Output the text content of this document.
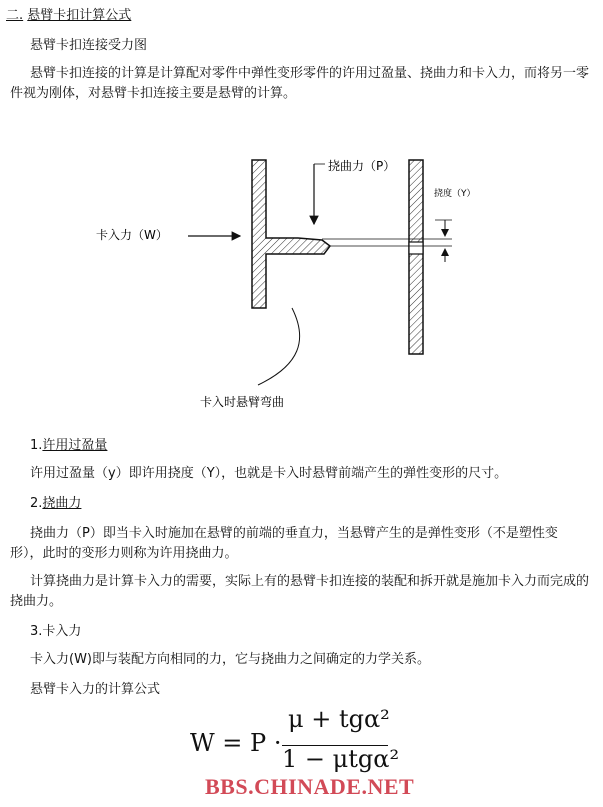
二. 悬臂卡扣计算公式
悬臂卡扣连接受力图
悬臂卡扣连接的计算是计算配对零件中弹性变形零件的许用过盈量、挠曲力和卡入力，而将另一零件视为刚体，对悬臂卡扣连接主要是悬臂的计算。
挠曲力（P）
挠度（Y）
卡入力（W）
卡入时悬臂弯曲
1.许用过盈量
许用过盈量（y）即许用挠度（Y），也就是卡入时悬臂前端产生的弹性变形的尺寸。
2.挠曲力
挠曲力（P）即当卡入时施加在悬臂的前端的垂直力，当悬臂产生的是弹性变形（不是塑性变形），此时的变形力则称为许用挠曲力。
计算挠曲力是计算卡入力的需要，实际上有的悬臂卡扣连接的装配和拆开就是施加卡入力而完成的挠曲力。
3.卡入力
卡入力(W)即与装配方向相同的力，它与挠曲力之间确定的力学关系。
悬臂卡入力的计算公式
W = P ·
μ + tgα²
1 − μtgα²
BBS.CHINADE.NET
